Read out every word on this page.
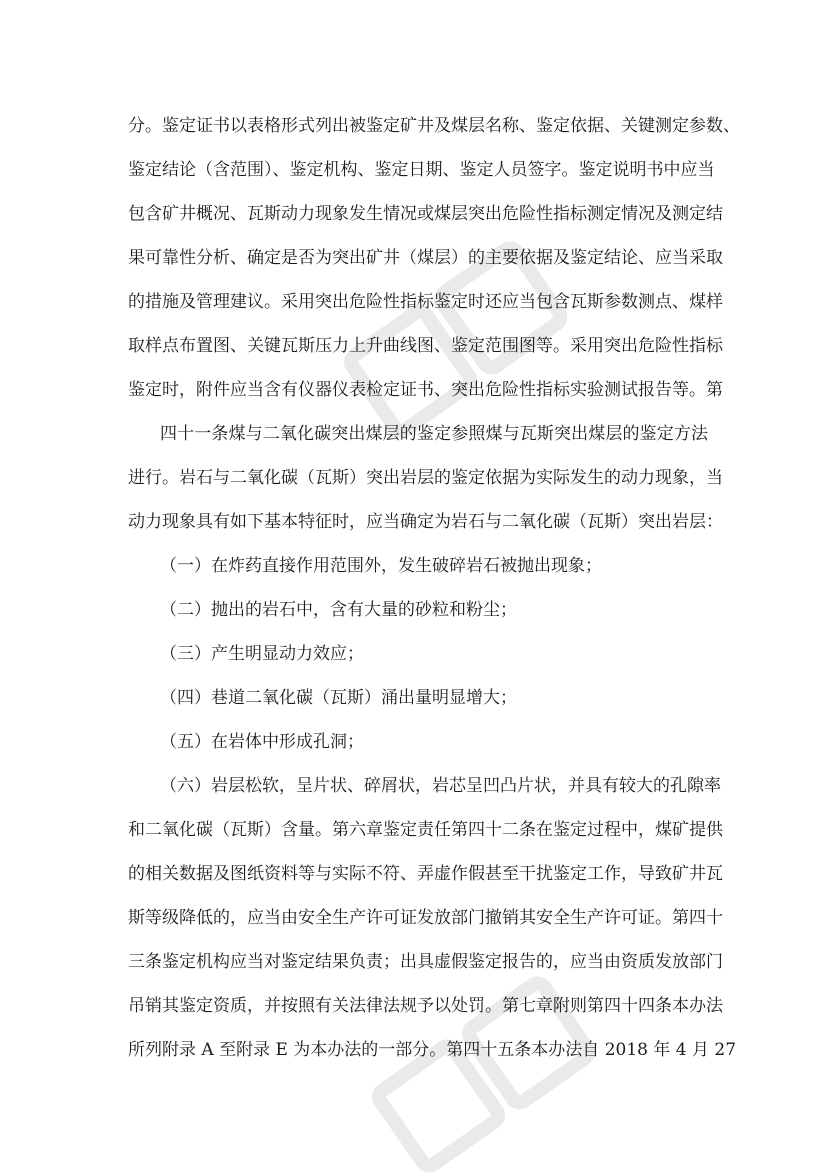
分。鉴定证书以表格形式列出被鉴定矿井及煤层名称、鉴定依据、关键测定参数、
鉴定结论（含范围）、鉴定机构、鉴定日期、鉴定人员签字。鉴定说明书中应当
包含矿井概况、瓦斯动力现象发生情况或煤层突出危险性指标测定情况及测定结
果可靠性分析、确定是否为突出矿井（煤层）的主要依据及鉴定结论、应当采取
的措施及管理建议。采用突出危险性指标鉴定时还应当包含瓦斯参数测点、煤样
取样点布置图、关键瓦斯压力上升曲线图、鉴定范围图等。采用突出危险性指标
鉴定时，附件应当含有仪器仪表检定证书、突出危险性指标实验测试报告等。第
四十一条煤与二氧化碳突出煤层的鉴定参照煤与瓦斯突出煤层的鉴定方法
进行。岩石与二氧化碳（瓦斯）突出岩层的鉴定依据为实际发生的动力现象，当
动力现象具有如下基本特征时，应当确定为岩石与二氧化碳（瓦斯）突出岩层：
（一）在炸药直接作用范围外，发生破碎岩石被抛出现象；
（二）抛出的岩石中，含有大量的砂粒和粉尘；
（三）产生明显动力效应；
（四）巷道二氧化碳（瓦斯）涌出量明显增大；
（五）在岩体中形成孔洞；
（六）岩层松软，呈片状、碎屑状，岩芯呈凹凸片状，并具有较大的孔隙率
和二氧化碳（瓦斯）含量。第六章鉴定责任第四十二条在鉴定过程中，煤矿提供
的相关数据及图纸资料等与实际不符、弄虚作假甚至干扰鉴定工作，导致矿井瓦
斯等级降低的，应当由安全生产许可证发放部门撤销其安全生产许可证。第四十
三条鉴定机构应当对鉴定结果负责；出具虚假鉴定报告的，应当由资质发放部门
吊销其鉴定资质，并按照有关法律法规予以处罚。第七章附则第四十四条本办法
所列附录 A 至附录 E 为本办法的一部分。第四十五条本办法自 2018 年 4 月 27
